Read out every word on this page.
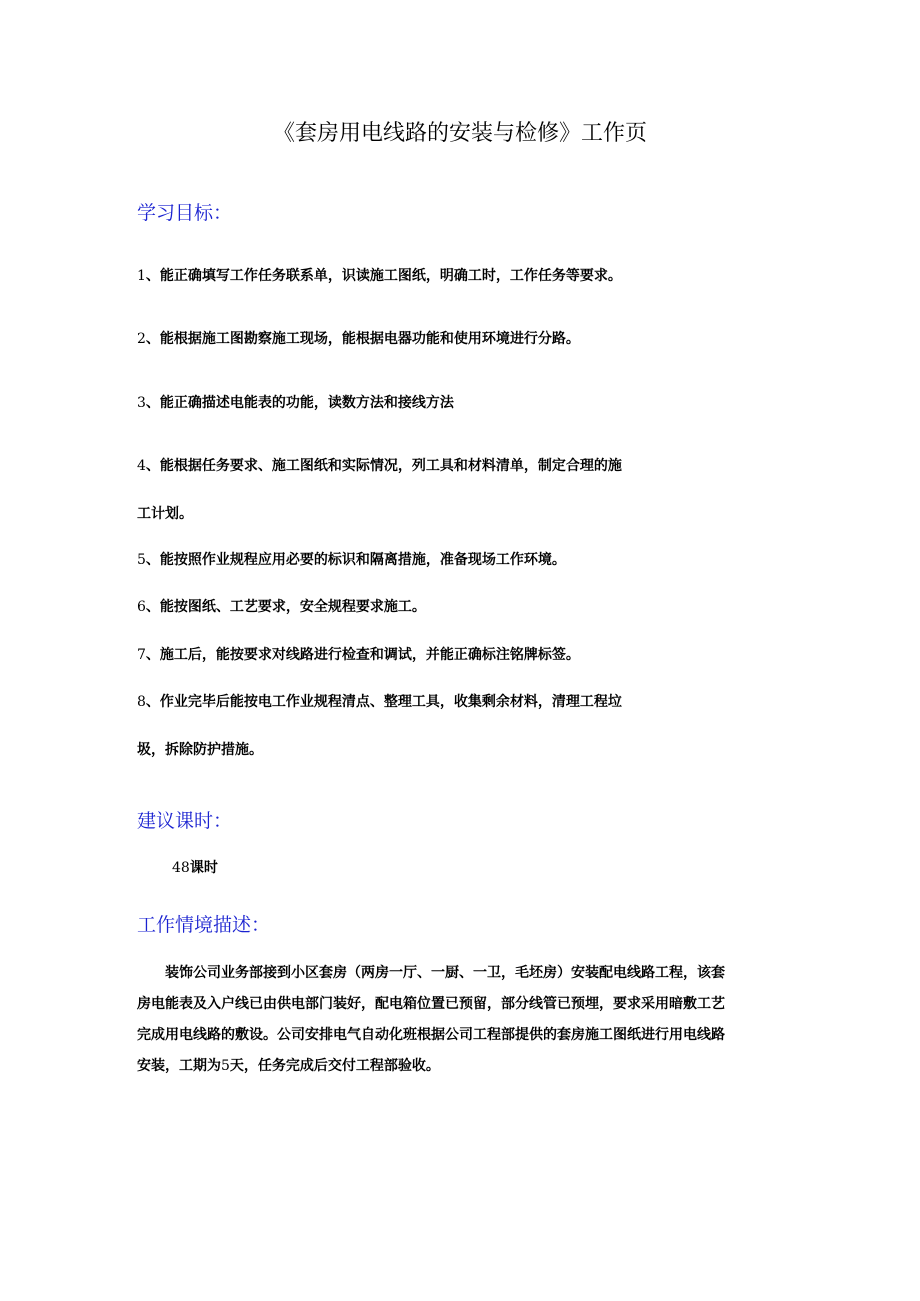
《套房用电线路的安装与检修》工作页
学习目标：
1、能正确填写工作任务联系单，识读施工图纸，明确工时，工作任务等要求。
2、能根据施工图勘察施工现场，能根据电器功能和使用环境进行分路。
3、能正确描述电能表的功能，读数方法和接线方法
4、能根据任务要求、施工图纸和实际情况，列工具和材料清单，制定合理的施
工计划。
5、能按照作业规程应用必要的标识和隔离措施，准备现场工作环境。
6、能按图纸、工艺要求，安全规程要求施工。
7、施工后，能按要求对线路进行检查和调试，并能正确标注铭牌标签。
8、作业完毕后能按电工作业规程清点、整理工具，收集剩余材料，清理工程垃
圾，拆除防护措施。
建议课时：
48课时
工作情境描述：
装饰公司业务部接到小区套房（两房一厅、一厨、一卫，毛坯房）安装配电线路工程，该套
房电能表及入户线已由供电部门装好，配电箱位置已预留，部分线管已预埋，要求采用暗敷工艺
完成用电线路的敷设。公司安排电气自动化班根据公司工程部提供的套房施工图纸进行用电线路
安装，工期为5天，任务完成后交付工程部验收。
